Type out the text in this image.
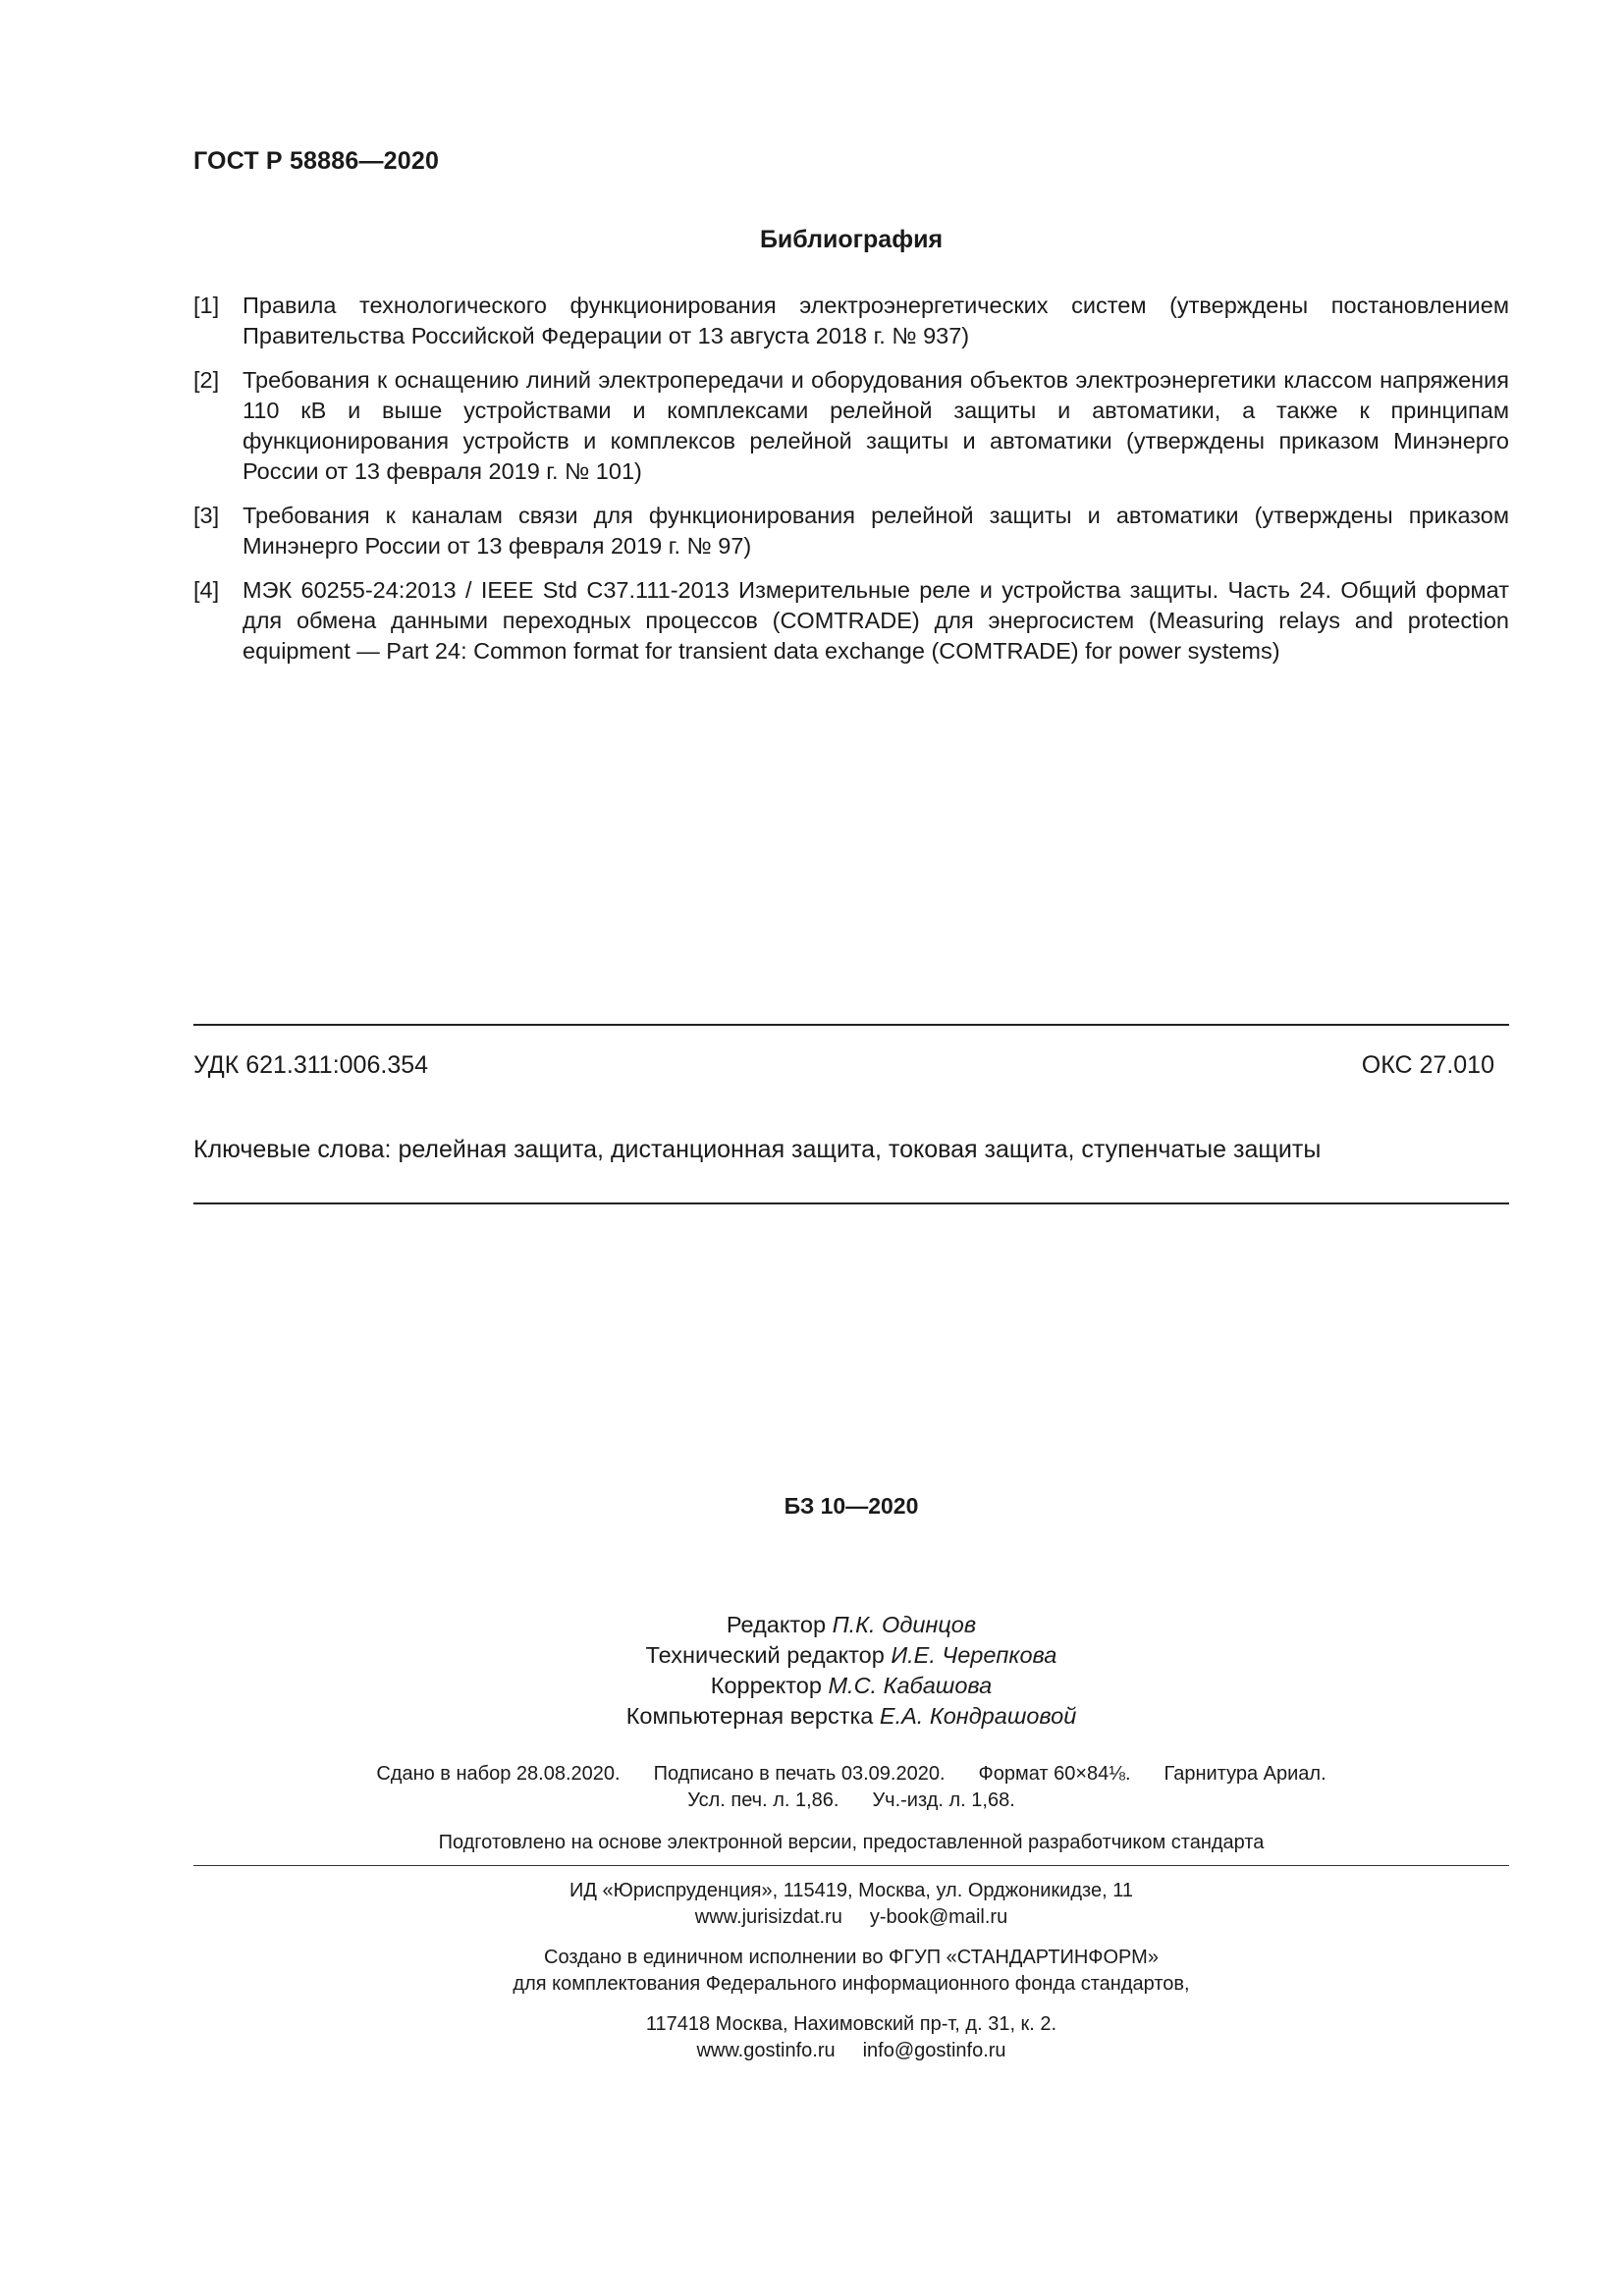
ГОСТ Р 58886—2020
Библиография
[1]	Правила технологического функционирования электроэнергетических систем (утверждены постановлением Правительства Российской Федерации от 13 августа 2018 г. № 937)
[2]	Требования к оснащению линий электропередачи и оборудования объектов электроэнергетики классом напряжения 110 кВ и выше устройствами и комплексами релейной защиты и автоматики, а также к принципам функционирования устройств и комплексов релейной защиты и автоматики (утверждены приказом Минэнерго России от 13 февраля 2019 г. № 101)
[3]	Требования к каналам связи для функционирования релейной защиты и автоматики (утверждены приказом Минэнерго России от 13 февраля 2019 г. № 97)
[4]	МЭК 60255-24:2013 / IEEE Std C37.111-2013 Измерительные реле и устройства защиты. Часть 24. Общий формат для обмена данными переходных процессов (COMTRADE) для энергосистем (Measuring relays and protection equipment — Part 24: Common format for transient data exchange (COMTRADE) for power systems)
УДК 621.311:006.354	ОКС 27.010
Ключевые слова: релейная защита, дистанционная защита, токовая защита, ступенчатые защиты
БЗ 10—2020
Редактор П.К. Одинцов
Технический редактор И.Е. Черепкова
Корректор М.С. Кабашова
Компьютерная верстка Е.А. Кондрашовой
Сдано в набор 28.08.2020. Подписано в печать 03.09.2020. Формат 60×84⅛. Гарнитура Ариал.
Усл. печ. л. 1,86. Уч.-изд. л. 1,68.
Подготовлено на основе электронной версии, предоставленной разработчиком стандарта
ИД «Юриспруденция», 115419, Москва, ул. Орджоникидзе, 11
www.jurisizdat.ru y-book@mail.ru
Создано в единичном исполнении во ФГУП «СТАНДАРТИНФОРМ»
для комплектования Федерального информационного фонда стандартов,
117418 Москва, Нахимовский пр-т, д. 31, к. 2.
www.gostinfo.ru info@gostinfo.ru
